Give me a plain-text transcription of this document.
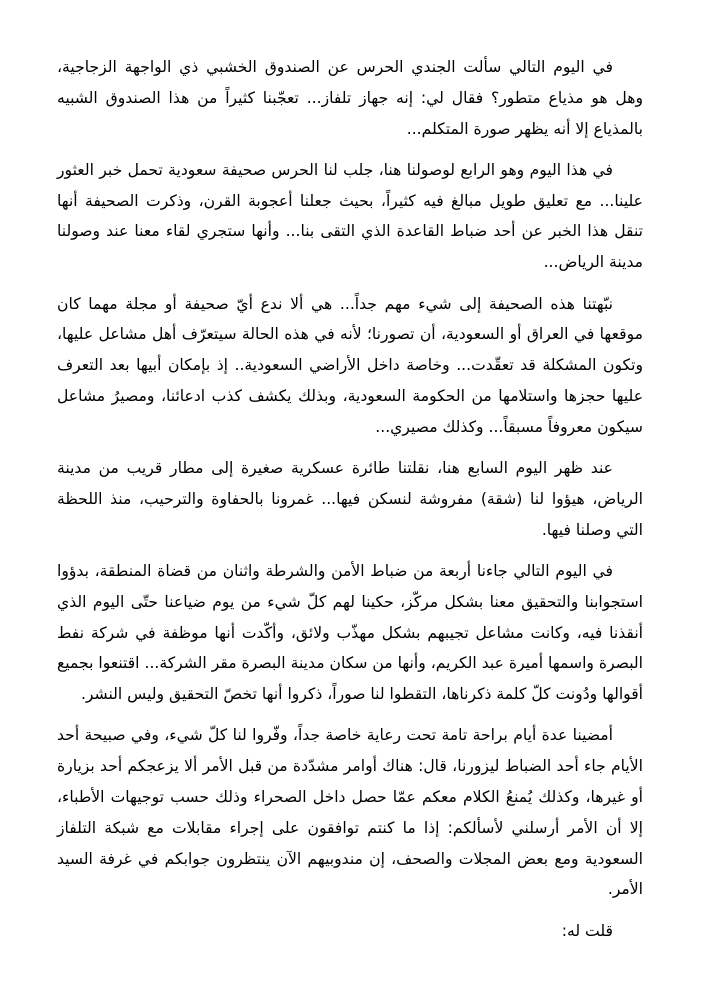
في اليوم التالي سألت الجندي الحرس عن الصندوق الخشبي ذي الواجهة الزجاجية، وهل هو مذياع متطور؟ فقال لي: إنه جهاز تلفاز... تعجّبنا كثيراً من هذا الصندوق الشبيه بالمذياع إلا أنه يظهر صورة المتكلم...

في هذا اليوم وهو الرابع لوصولنا هنا، جلب لنا الحرس صحيفة سعودية تحمل خبر العثور علينا... مع تعليق طويل مبالغ فيه كثيراً، بحيث جعلنا أعجوبة القرن، وذكرت الصحيفة أنها تنقل هذا الخبر عن أحد ضباط القاعدة الذي التقى بنا... وأنها ستجري لقاء معنا عند وصولنا مدينة الرياض...

نبّهتنا هذه الصحيفة إلى شيء مهم جداً... هي ألا ندع أيّ صحيفة أو مجلة مهما كان موقعها في العراق أو السعودية، أن تصورنا؛ لأنه في هذه الحالة سيتعرّف أهل مشاعل عليها، وتكون المشكلة قد تعقّدت... وخاصة داخل الأراضي السعودية.. إذ بإمكان أبيها بعد التعرف عليها حجزها واستلامها من الحكومة السعودية، وبذلك يكشف كذب ادعائنا، ومصيرُ مشاعل سيكون معروفاً مسبقاً... وكذلك مصيري...

عند ظهر اليوم السابع هنا، نقلتنا طائرة عسكرية صغيرة إلى مطار قريب من مدينة الرياض، هيؤوا لنا (شقة) مفروشة لنسكن فيها... غمرونا بالحفاوة والترحيب، منذ اللحظة التي وصلنا فيها.

في اليوم التالي جاءنا أربعة من ضباط الأمن والشرطة واثنان من قضاة المنطقة، بدؤوا استجوابنا والتحقيق معنا بشكل مركّز، حكينا لهم كلّ شيء من يوم ضياعنا حتّى اليوم الذي أنقذنا فيه، وكانت مشاعل تجيبهم بشكل مهذّب ولائق، وأكّدت أنها موظفة في شركة نفط البصرة واسمها أميرة عبد الكريم، وأنها من سكان مدينة البصرة مقر الشركة... اقتنعوا بجميع أقوالها ودُونت كلّ كلمة ذكرناها، التقطوا لنا صوراً، ذكروا أنها تخصّ التحقيق وليس النشر.

أمضينا عدة أيام براحة تامة تحت رعاية خاصة جداً، وفّروا لنا كلّ شيء، وفي صبيحة أحد الأيام جاء أحد الضباط ليزورنا، قال: هناك أوامر مشدّدة من قبل الأمر ألا يزعجكم أحد بزيارة أو غيرها، وكذلك يُمنعُ الكلام معكم عمّا حصل داخل الصحراء وذلك حسب توجيهات الأطباء، إلا أن الأمر أرسلني لأسألكم: إذا ما كنتم توافقون على إجراء مقابلات مع شبكة التلفاز السعودية ومع بعض المجلات والصحف، إن مندوبيهم الآن ينتظرون جوابكم في غرفة السيد الأمر.

قلت له:
